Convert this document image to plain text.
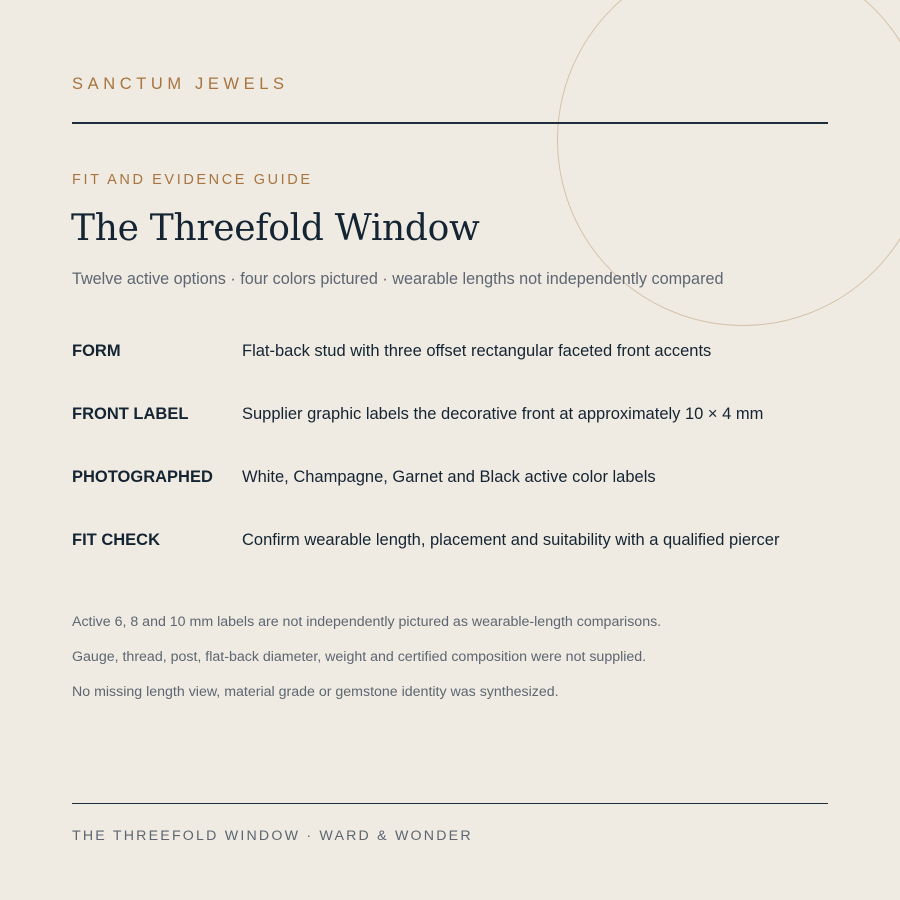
SANCTUM JEWELS
FIT AND EVIDENCE GUIDE
The Threefold Window
Twelve active options · four colors pictured · wearable lengths not independently compared
FORM	Flat-back stud with three offset rectangular faceted front accents
FRONT LABEL	Supplier graphic labels the decorative front at approximately 10 × 4 mm
PHOTOGRAPHED White, Champagne, Garnet and Black active color labels
FIT CHECK	Confirm wearable length, placement and suitability with a qualified piercer
Active 6, 8 and 10 mm labels are not independently pictured as wearable-length comparisons.
Gauge, thread, post, flat-back diameter, weight and certified composition were not supplied.
No missing length view, material grade or gemstone identity was synthesized.
THE THREEFOLD WINDOW · WARD & WONDER
